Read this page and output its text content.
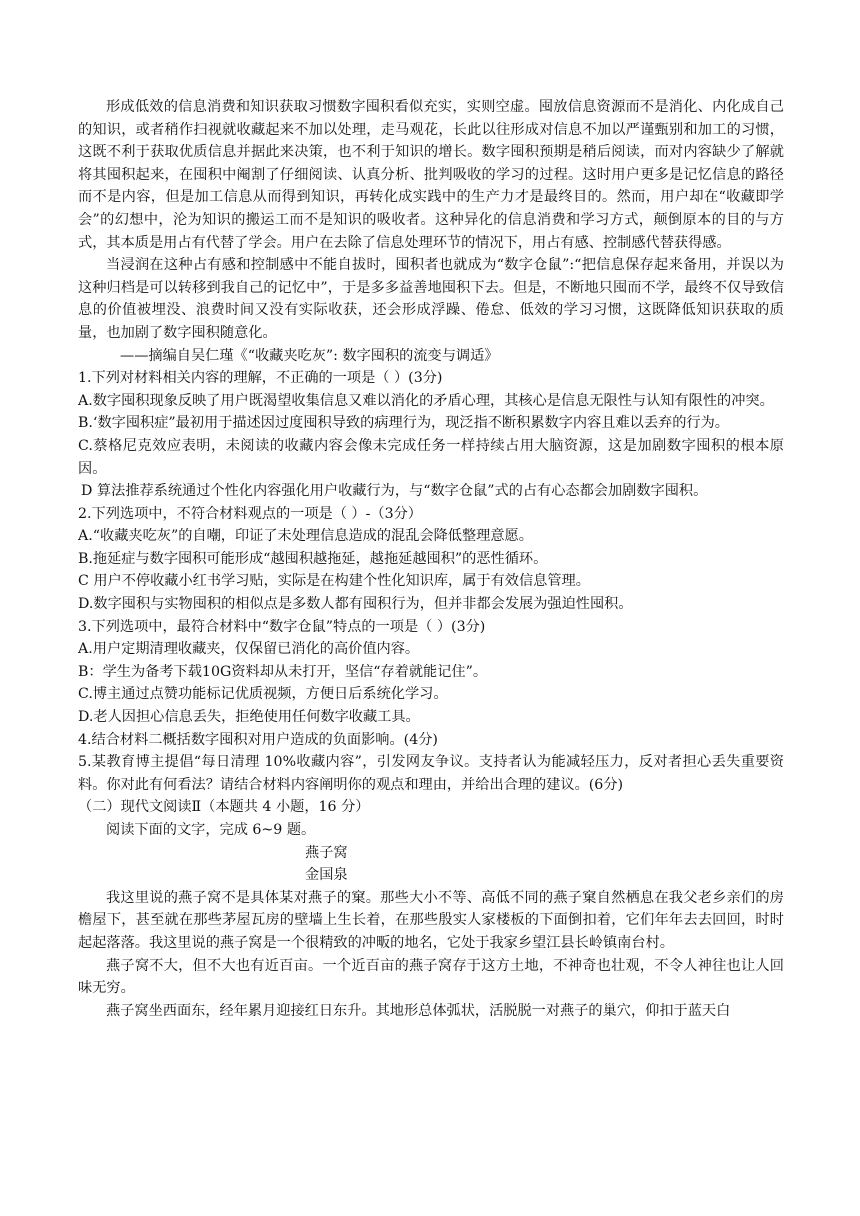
形成低效的信息消费和知识获取习惯数字囤积看似充实，实则空虚。囤放信息资源而不是消化、内化成自己的知识，或者稍作扫视就收藏起来不加以处理，走马观花，长此以往形成对信息不加以严谨甄别和加工的习惯，这既不利于获取优质信息并据此来决策，也不利于知识的增长。数字囤积预期是稍后阅读，而对内容缺少了解就将其囤积起来，在囤积中阉割了仔细阅读、认真分析、批判吸收的学习的过程。这时用户更多是记忆信息的路径而不是内容，但是加工信息从而得到知识，再转化成实践中的生产力才是最终目的。然而，用户却在“收藏即学会”的幻想中，沦为知识的搬运工而不是知识的吸收者。这种异化的信息消费和学习方式，颠倒原本的目的与方式，其本质是用占有代替了学会。用户在去除了信息处理环节的情况下，用占有感、控制感代替获得感。
当浸润在这种占有感和控制感中不能自拔时，囤积者也就成为“数字仓鼠”:“把信息保存起来备用，并误以为这种归档是可以转移到我自己的记忆中”，于是多多益善地囤积下去。但是，不断地只囤而不学，最终不仅导致信息的价值被埋没、浪费时间又没有实际收获，还会形成浮躁、倦怠、低效的学习习惯，这既降低知识获取的质量，也加剧了数字囤积随意化。
——摘编自吴仁瑾《“收藏夹吃灰”: 数字囤积的流变与调适》
1.下列对材料相关内容的理解，不正确的一项是（ ）(3分)
A.数字囤积现象反映了用户既渴望收集信息又难以消化的矛盾心理，其核心是信息无限性与认知有限性的冲突。
B.‘数字囤积症”最初用于描述因过度囤积导致的病理行为，现泛指不断积累数字内容且难以丢弃的行为。
C.蔡格尼克效应表明，未阅读的收藏内容会像未完成任务一样持续占用大脑资源，这是加剧数字囤积的根本原因。
D 算法推荐系统通过个性化内容强化用户收藏行为，与“数字仓鼠”式的占有心态都会加剧数字囤积。
2.下列选项中，不符合材料观点的一项是（ ）-（3分）
A.“收藏夹吃灰”的自嘲，印证了未处理信息造成的混乱会降低整理意愿。
B.拖延症与数字囤积可能形成“越囤积越拖延，越拖延越囤积”的恶性循环。
C 用户不停收藏小红书学习贴，实际是在构建个性化知识库，属于有效信息管理。
D.数字囤积与实物囤积的相似点是多数人都有囤积行为，但并非都会发展为强迫性囤积。
3.下列选项中，最符合材料中“数字仓鼠”特点的一项是（ ）(3分)
A.用户定期清理收藏夹，仅保留已消化的高价值内容。
B：学生为备考下载10G资料却从未打开，坚信“存着就能记住”。
C.博主通过点赞功能标记优质视频，方便日后系统化学习。
D.老人因担心信息丢失，拒绝使用任何数字收藏工具。
4.结合材料二概括数字囤积对用户造成的负面影响。(4分)
5.某教育博主提倡“每日清理 10%收藏内容”，引发网友争议。支持者认为能减轻压力，反对者担心丢失重要资料。你对此有何看法？请结合材料内容阐明你的观点和理由，并给出合理的建议。(6分)
（二）现代文阅读Ⅱ（本题共 4 小题，16 分）
阅读下面的文字，完成 6~9 题。
燕子窝
金国泉
我这里说的燕子窝不是具体某对燕子的窠。那些大小不等、高低不同的燕子窠自然栖息在我父老乡亲们的房檐屋下，甚至就在那些茅屋瓦房的壁墙上生长着，在那些殷实人家楼板的下面倒扣着，它们年年去去回回，时时起起落落。我这里说的燕子窝是一个很精致的冲畈的地名，它处于我家乡望江县长岭镇南台村。
燕子窝不大，但不大也有近百亩。一个近百亩的燕子窝存于这方土地，不神奇也壮观，不令人神往也让人回味无穷。
燕子窝坐西面东，经年累月迎接红日东升。其地形总体弧状，活脱脱一对燕子的巢穴，仰扣于蓝天白
